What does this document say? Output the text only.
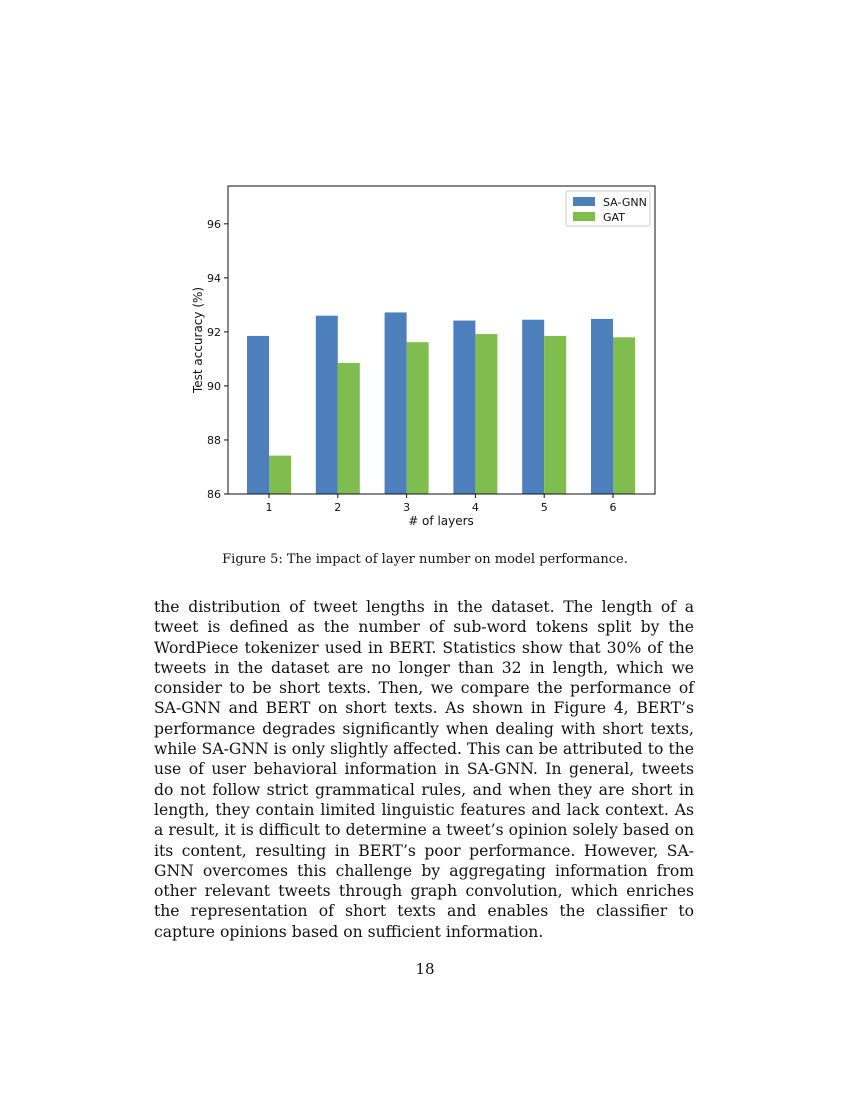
1	2	3	4	5	6
86
88
90
92
94
96
SA-GNN
GAT
# of layers
Test accuracy (%)

Figure 5: The impact of layer number on model performance.

the distribution of tweet lengths in the dataset. The length of a tweet is defined as the number of sub-word tokens split by the WordPiece tokenizer used in BERT. Statistics show that 30% of the tweets in the dataset are no longer than 32 in length, which we consider to be short texts. Then, we compare the performance of SA-GNN and BERT on short texts. As shown in Figure 4, BERT’s performance degrades significantly when dealing with short texts, while SA-GNN is only slightly affected. This can be attributed to the use of user behavioral information in SA-GNN. In general, tweets do not follow strict grammatical rules, and when they are short in length, they contain limited linguistic features and lack context. As a result, it is difficult to determine a tweet’s opinion solely based on its content, resulting in BERT’s poor performance. However, SA-GNN overcomes this challenge by aggregating information from other relevant tweets through graph convolution, which enriches the representation of short texts and enables the classifier to capture opinions based on sufficient information.

18
